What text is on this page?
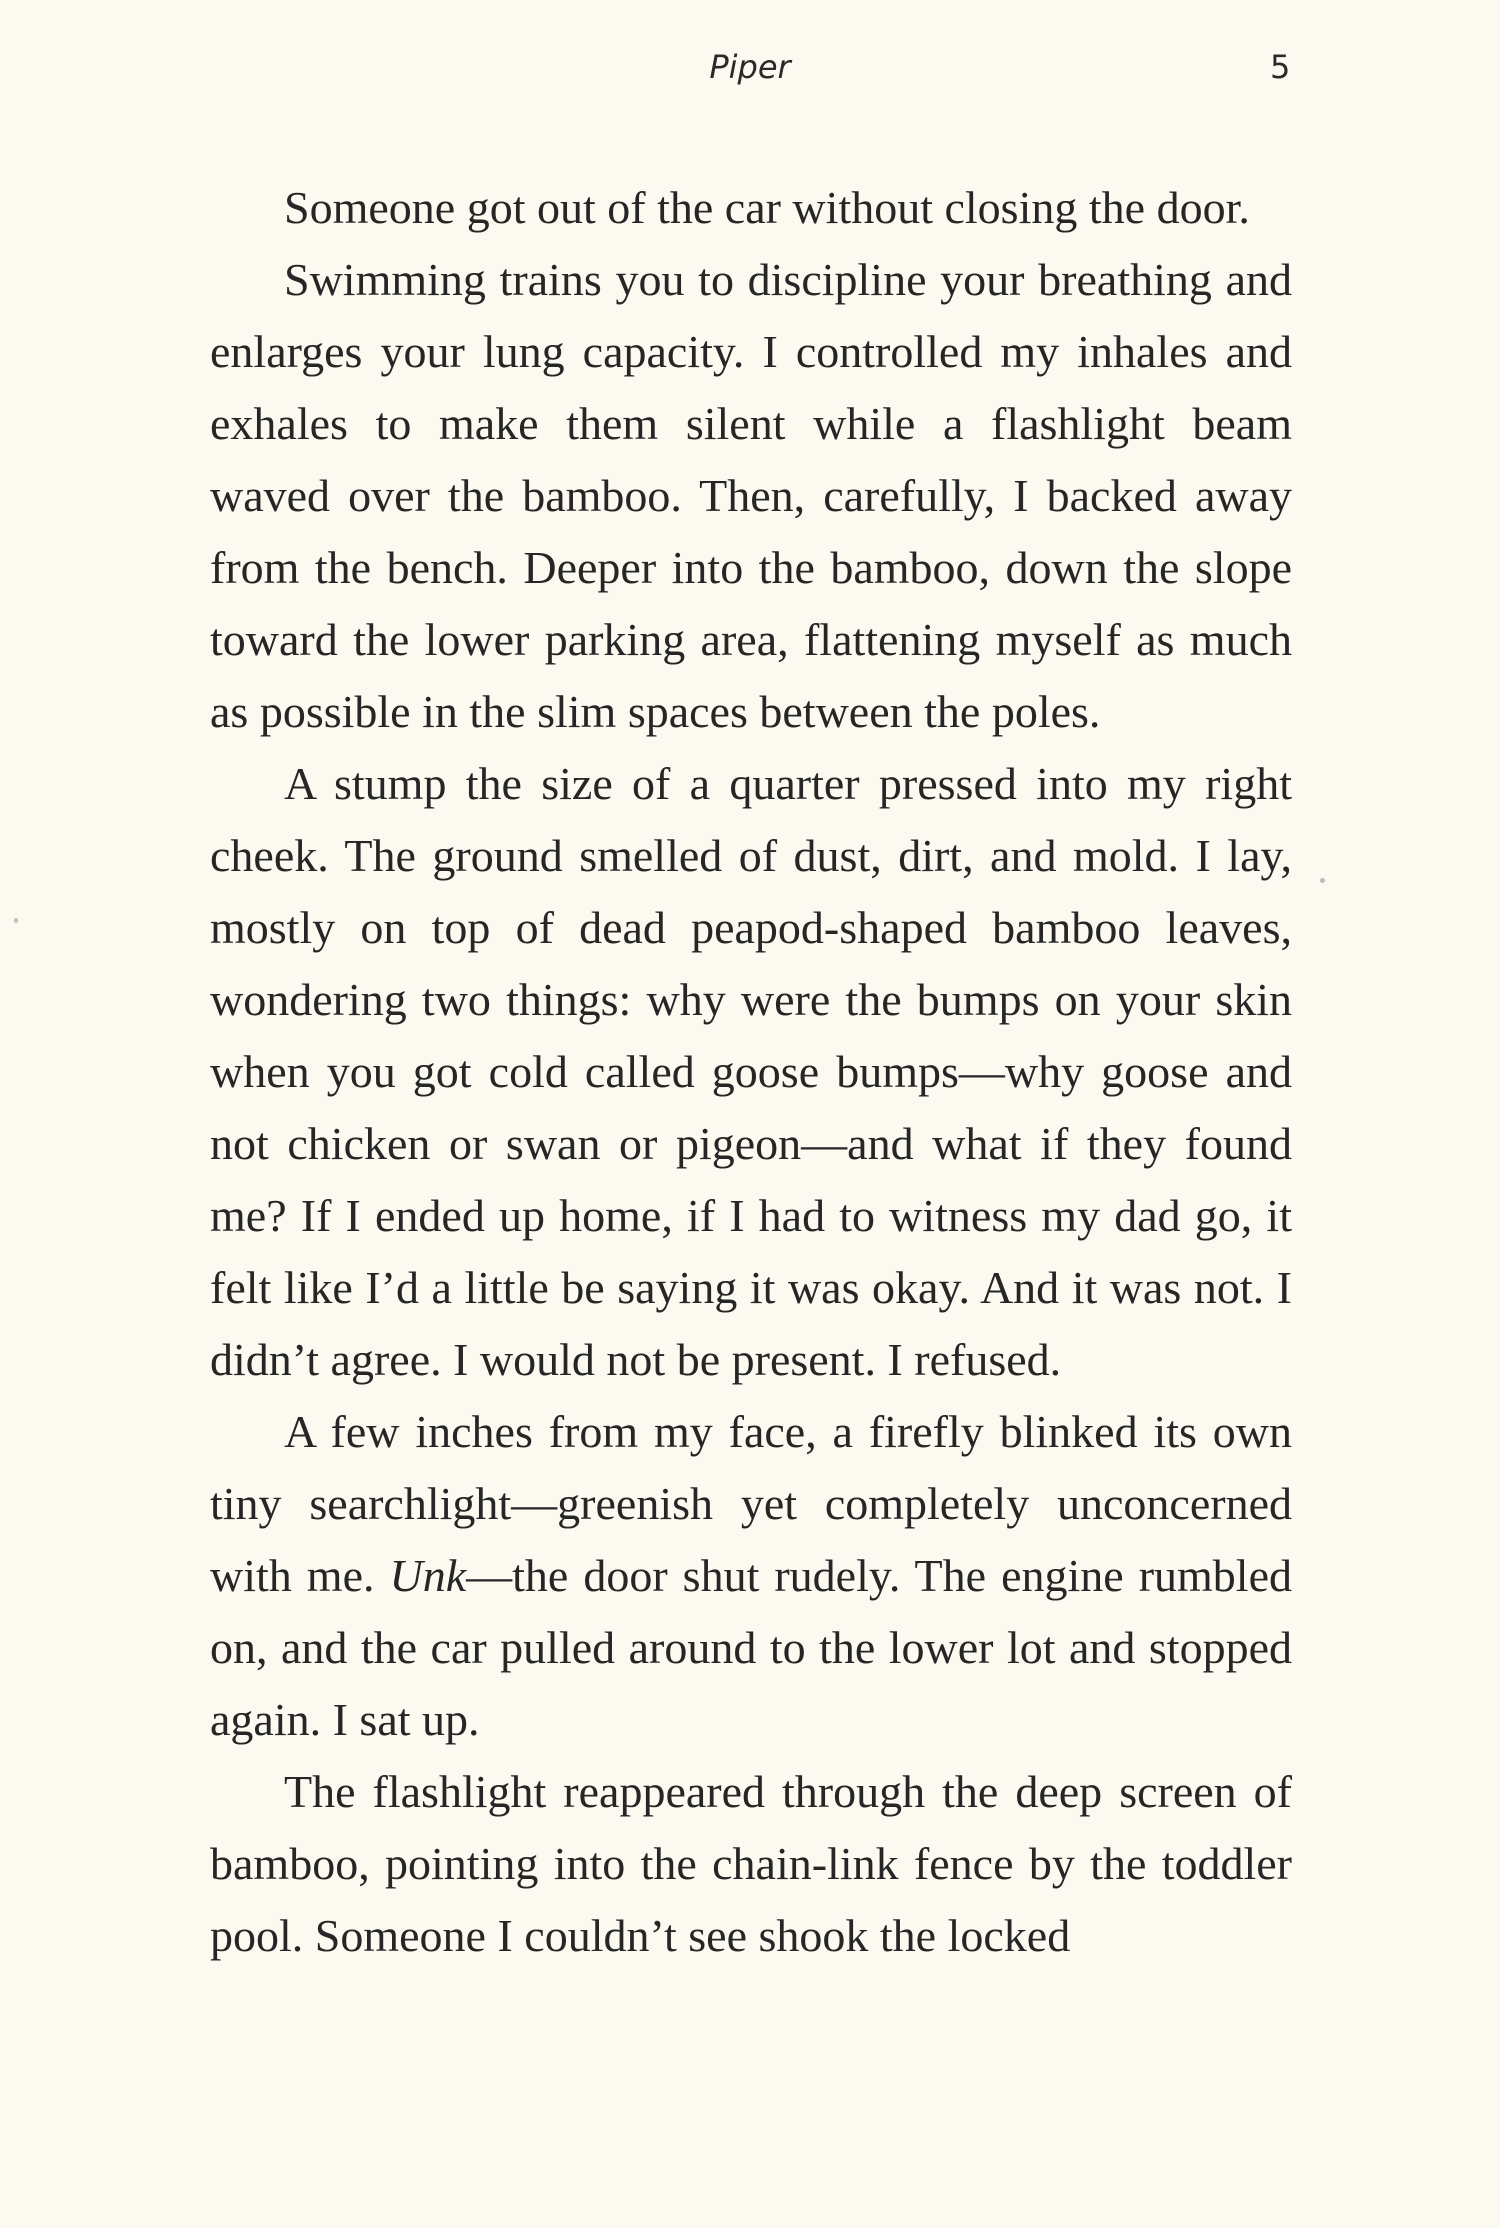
Piper	5

Someone got out of the car without closing the door.

Swimming trains you to discipline your breathing and enlarges your lung capacity. I controlled my inhales and exhales to make them silent while a flashlight beam waved over the bamboo. Then, carefully, I backed away from the bench. Deeper into the bamboo, down the slope toward the lower parking area, flattening myself as much as possible in the slim spaces between the poles.

A stump the size of a quarter pressed into my right cheek. The ground smelled of dust, dirt, and mold. I lay, mostly on top of dead peapod-shaped bamboo leaves, wondering two things: why were the bumps on your skin when you got cold called goose bumps—why goose and not chicken or swan or pigeon—and what if they found me? If I ended up home, if I had to witness my dad go, it felt like I’d a little be saying it was okay. And it was not. I didn’t agree. I would not be present. I refused.

A few inches from my face, a firefly blinked its own tiny searchlight—greenish yet completely unconcerned with me. Unk—the door shut rudely. The engine rumbled on, and the car pulled around to the lower lot and stopped again. I sat up.

The flashlight reappeared through the deep screen of bamboo, pointing into the chain-link fence by the toddler pool. Someone I couldn’t see shook the locked
